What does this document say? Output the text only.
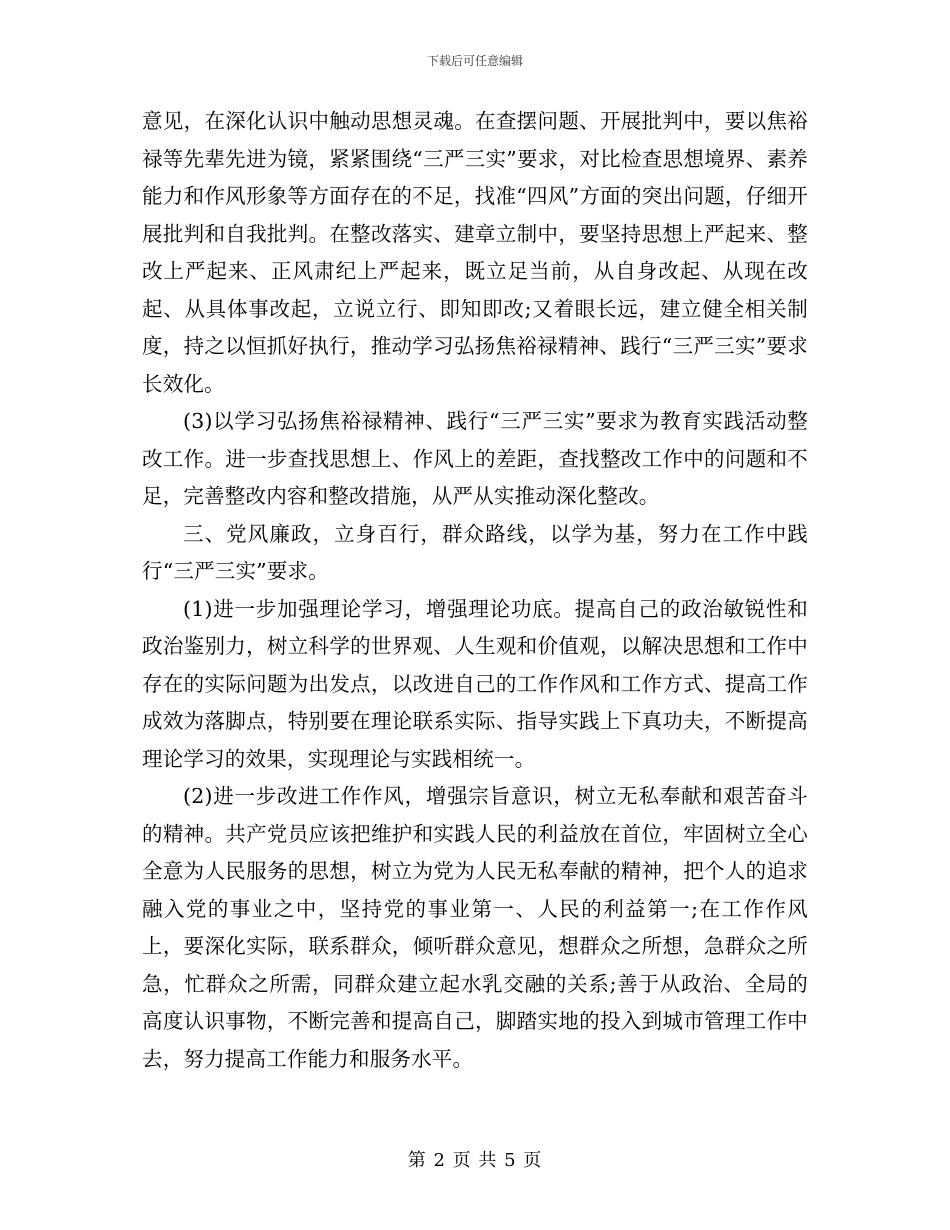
下载后可任意编辑

意见，在深化认识中触动思想灵魂。在查摆问题、开展批判中，要以焦裕禄等先辈先进为镜，紧紧围绕“三严三实”要求，对比检查思想境界、素养能力和作风形象等方面存在的不足，找准“四风”方面的突出问题，仔细开展批判和自我批判。在整改落实、建章立制中，要坚持思想上严起来、整改上严起来、正风肃纪上严起来，既立足当前，从自身改起、从现在改起、从具体事改起，立说立行、即知即改;又着眼长远，建立健全相关制度，持之以恒抓好执行，推动学习弘扬焦裕禄精神、践行“三严三实”要求长效化。

(3)以学习弘扬焦裕禄精神、践行“三严三实”要求为教育实践活动整改工作。进一步查找思想上、作风上的差距，查找整改工作中的问题和不足，完善整改内容和整改措施，从严从实推动深化整改。

三、党风廉政，立身百行，群众路线，以学为基，努力在工作中践行“三严三实”要求。

(1)进一步加强理论学习，增强理论功底。提高自己的政治敏锐性和政治鉴别力，树立科学的世界观、人生观和价值观，以解决思想和工作中存在的实际问题为出发点，以改进自己的工作作风和工作方式、提高工作成效为落脚点，特别要在理论联系实际、指导实践上下真功夫，不断提高理论学习的效果，实现理论与实践相统一。

(2)进一步改进工作作风，增强宗旨意识，树立无私奉献和艰苦奋斗的精神。共产党员应该把维护和实践人民的利益放在首位，牢固树立全心全意为人民服务的思想，树立为党为人民无私奉献的精神，把个人的追求融入党的事业之中，坚持党的事业第一、人民的利益第一;在工作作风上，要深化实际，联系群众，倾听群众意见，想群众之所想，急群众之所急，忙群众之所需，同群众建立起水乳交融的关系;善于从政治、全局的高度认识事物，不断完善和提高自己，脚踏实地的投入到城市管理工作中去，努力提高工作能力和服务水平。

第 2 页 共 5 页
